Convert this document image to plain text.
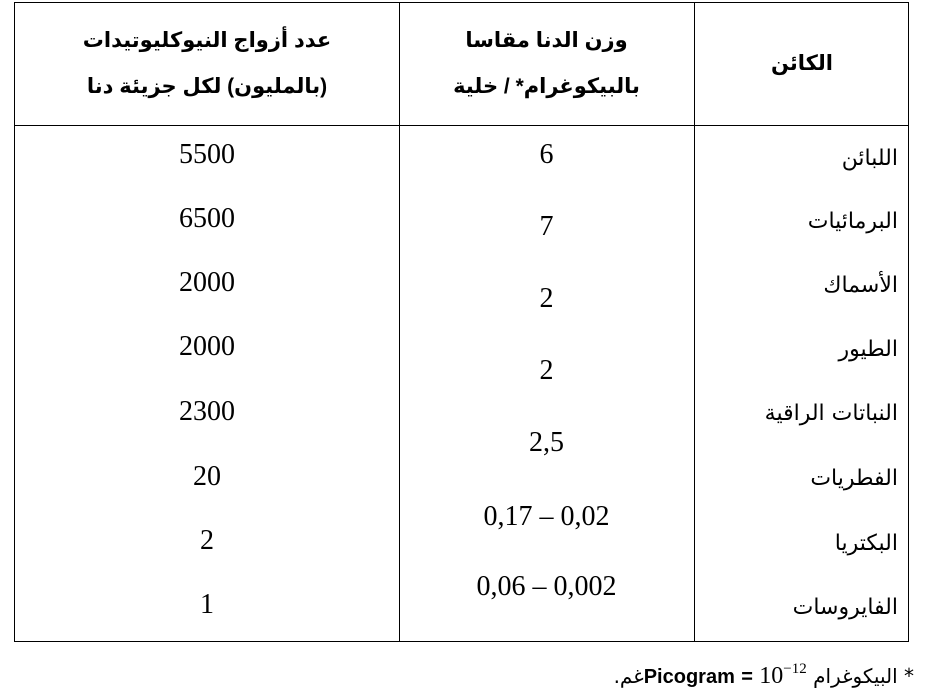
عدد أزواج النيوكليوتيدات
(بالمليون) لكل جزيئة دنا
وزن الدنا مقاسا
بالبيكوغرام* / خلية
الكائن
5500
6500
2000
2000
2300
20
2
1
6
7
2
2
2,5
0,17 – 0,02
0,06 – 0,002
اللبائن
البرمائيات
الأسماك
الطيور
النباتات الراقية
الفطريات
البكتريا
الفايروسات
* البيكوغرام Picogram = $10^{-12}غم$.
